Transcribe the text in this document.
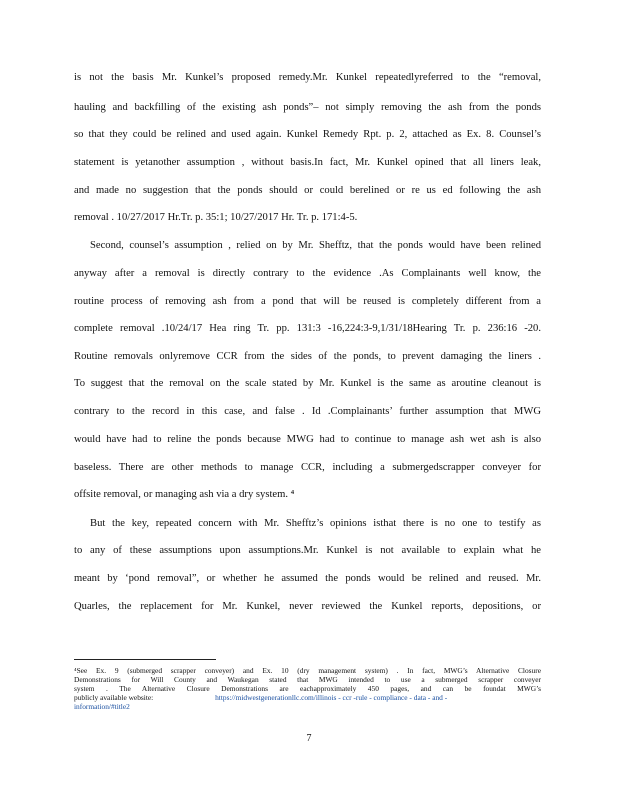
is not the basis Mr. Kunkel’s proposed remedy.Mr. Kunkel repeatedlyreferred to the “removal,
hauling and backfilling of the existing ash ponds”– not simply removing the ash from the ponds
so that they could be relined and used again. Kunkel Remedy Rpt. p. 2, attached as Ex. 8. Counsel’s
statement is yetanother assumption , without basis.In fact, Mr. Kunkel opined that all liners leak,
and made no suggestion that the ponds should or could berelined or re us ed following the ash
removal . 10/27/2017 Hr.Tr. p. 35:1; 10/27/2017 Hr. Tr. p. 171:4-5.
Second, counsel’s assumption , relied on by Mr. Shefftz, that the ponds would have been relined
anyway after a removal is directly contrary to the evidence .As Complainants well know, the
routine process of removing ash from a pond that will be reused is completely different from a
complete removal .10/24/17 Hea ring Tr. pp. 131:3 -16,224:3-9,1/31/18Hearing Tr. p. 236:16 -20.
Routine removals onlyremove CCR from the sides of the ponds, to prevent damaging the liners .
To suggest that the removal on the scale stated by Mr. Kunkel is the same as aroutine cleanout is
contrary to the record in this case, and false . Id .Complainants’ further assumption that MWG
would have had to reline the ponds because MWG had to continue to manage ash wet ash is also
baseless. There are other methods to manage CCR, including a submergedscrapper conveyer for
offsite removal, or managing ash via a dry system. ⁴
But the key, repeated concern with Mr. Shefftz’s opinions isthat there is no one to testify as
to any of these assumptions upon assumptions.Mr. Kunkel is not available to explain what he
meant by ‘pond removal”, or whether he assumed the ponds would be relined and reused. Mr.
Quarles, the replacement for Mr. Kunkel, never reviewed the Kunkel reports, depositions, or
⁴See Ex. 9 (submerged scrapper conveyer) and Ex. 10 (dry management system) . In fact, MWG’s Alternative Closure
Demonstrations for Will County and Waukegan stated that MWG intended to use a submerged scrapper conveyer
system . The Alternative Closure Demonstrations are eachapproximately 450 pages, and can be foundat MWG’s
publicly available website:	https://midwestgenerationllc.com/illinois - ccr -rule - compliance - data - and -
information/#title2
7
